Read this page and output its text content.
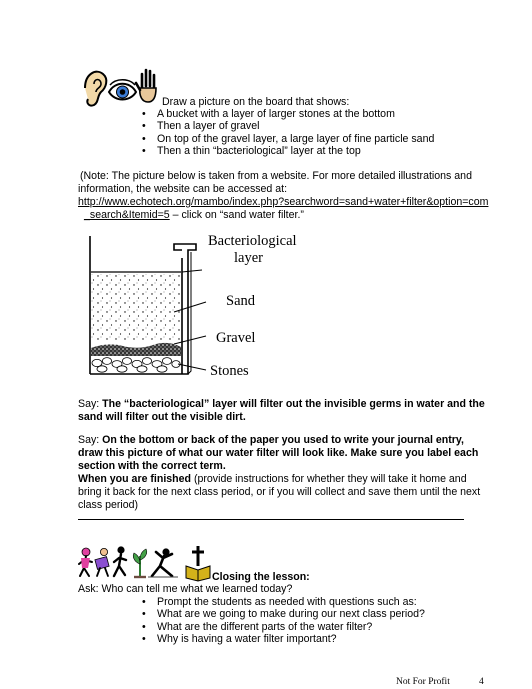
Draw a picture on the board that shows:
• A bucket with a layer of larger stones at the bottom
• Then a layer of gravel
• On top of the gravel layer, a large layer of fine particle sand
• Then a thin “bacteriological” layer at the top
(Note: The picture below is taken from a website. For more detailed illustrations and
information, the website can be accessed at:
http://www.echotech.org/mambo/index.php?searchword=sand+water+filter&option=com
_search&Itemid=5 – click on “sand water filter.”
Bacteriological
layer
Sand
Gravel
Stones
Say: The “bacteriological” layer will filter out the invisible germs in water and the
sand will filter out the visible dirt.
Say: On the bottom or back of the paper you used to write your journal entry,
draw this picture of what our water filter will look like. Make sure you label each
section with the correct term.
When you are finished (provide instructions for whether they will take it home and
bring it back for the next class period, or if you will collect and save them until the next
class period)
Closing the lesson:
Ask: Who can tell me what we learned today?
• Prompt the students as needed with questions such as:
• What are we going to make during our next class period?
• What are the different parts of the water filter?
• Why is having a water filter important?
Not For Profit	4
